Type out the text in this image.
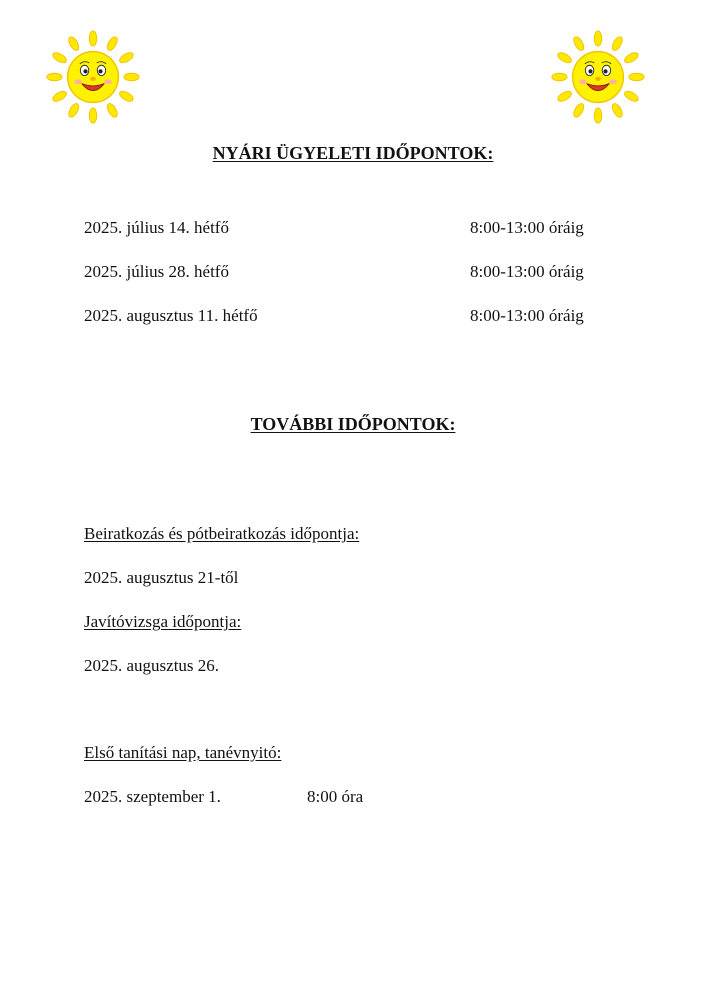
NYÁRI ÜGYELETI IDŐPONTOK:
2025. július 14. hétfő	8:00-13:00 óráig
2025. július 28. hétfő	8:00-13:00 óráig
2025. augusztus 11. hétfő	8:00-13:00 óráig
TOVÁBBI IDŐPONTOK:
Beiratkozás és pótbeiratkozás időpontja:
2025. augusztus 21-től
Javítóvizsga időpontja:
2025. augusztus 26.
Első tanítási nap, tanévnyitó:
2025. szeptember 1.	8:00 óra
